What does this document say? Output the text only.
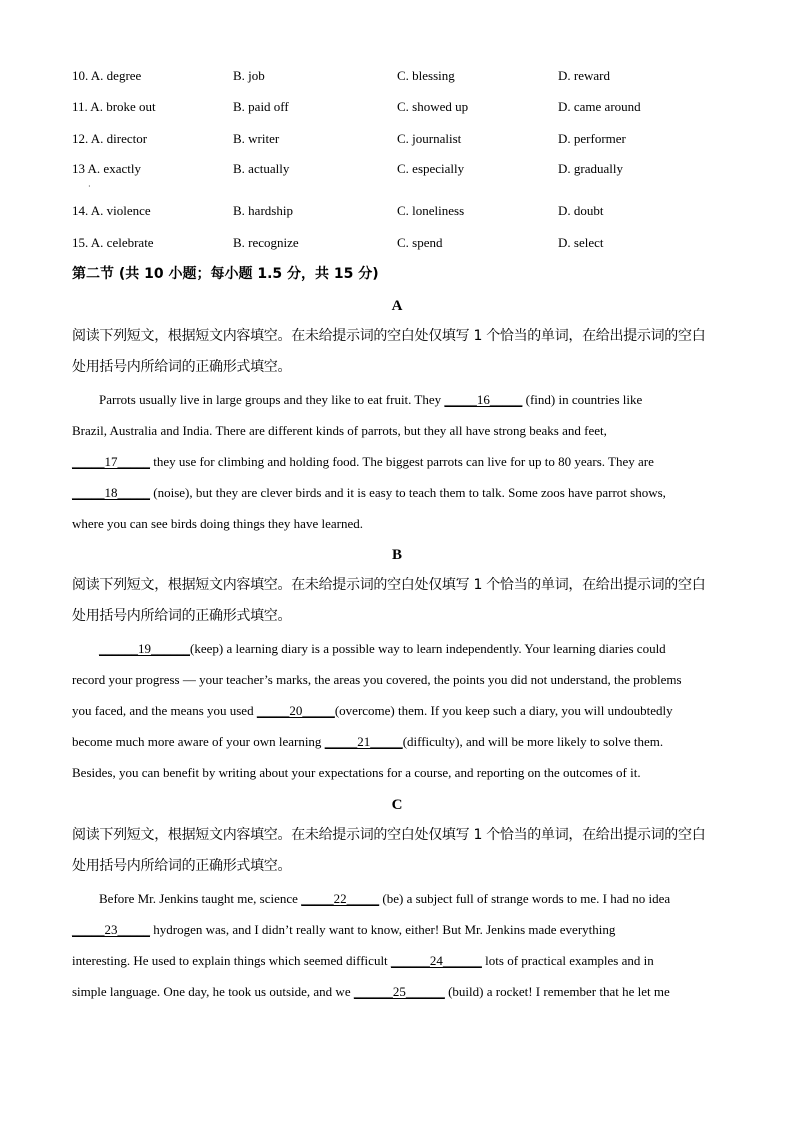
10. A. degree	B. job	C. blessing	D. reward
11. A. broke out	B. paid off	C. showed up	D. came around
12. A. director	B. writer	C. journalist	D. performer
13 A. exactly	B. actually	C. especially	D. gradually
·
14. A. violence	B. hardship	C. loneliness	D. doubt
15. A. celebrate	B. recognize	C. spend	D. select
第二节 (共 10 小题；每小题 1.5 分，共 15 分)
A
阅读下列短文，根据短文内容填空。在未给提示词的空白处仅填写 1 个恰当的单词，在给出提示词的空白
处用括号内所给词的正确形式填空。
Parrots usually live in large groups and they like to eat fruit. They _____16_____ (find) in countries like
Brazil, Australia and India. There are different kinds of parrots, but they all have strong beaks and feet,
_____17_____ they use for climbing and holding food. The biggest parrots can live for up to 80 years. They are
_____18_____ (noise), but they are clever birds and it is easy to teach them to talk. Some zoos have parrot shows,
where you can see birds doing things they have learned.
B
阅读下列短文，根据短文内容填空。在未给提示词的空白处仅填写 1 个恰当的单词，在给出提示词的空白
处用括号内所给词的正确形式填空。
______19______(keep) a learning diary is a possible way to learn independently. Your learning diaries could
record your progress — your teacher’s marks, the areas you covered, the points you did not understand, the problems
you faced, and the means you used _____20_____(overcome) them. If you keep such a diary, you will undoubtedly
become much more aware of your own learning _____21_____(difficulty), and will be more likely to solve them.
Besides, you can benefit by writing about your expectations for a course, and reporting on the outcomes of it.
C
阅读下列短文，根据短文内容填空。在未给提示词的空白处仅填写 1 个恰当的单词，在给出提示词的空白
处用括号内所给词的正确形式填空。
Before Mr. Jenkins taught me, science _____22_____ (be) a subject full of strange words to me. I had no idea
_____23_____ hydrogen was, and I didn’t really want to know, either! But Mr. Jenkins made everything
interesting. He used to explain things which seemed difficult ______24______ lots of practical examples and in
simple language. One day, he took us outside, and we ______25______ (build) a rocket! I remember that he let me
